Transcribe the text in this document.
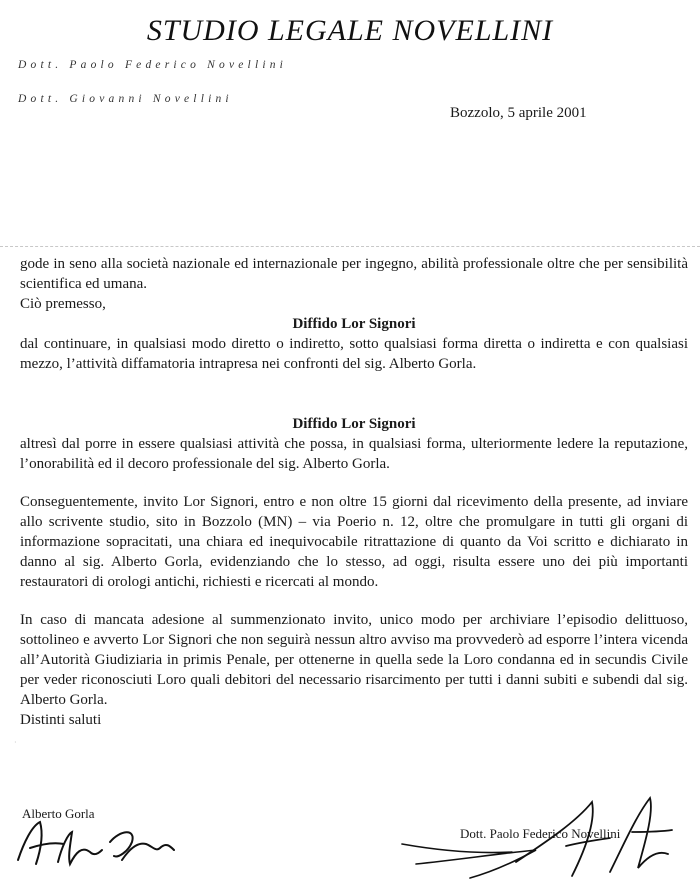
STUDIO LEGALE NOVELLINI
Dott. Paolo Federico Novellini
Dott. Giovanni Novellini
Bozzolo, 5 aprile 2001

gode in seno alla società nazionale ed internazionale per ingegno, abilità professionale oltre che per sensibilità scientifica ed umana.

Ciò premesso,

Diffido Lor Signori

dal continuare, in qualsiasi modo diretto o indiretto, sotto qualsiasi forma diretta o indiretta e con qualsiasi mezzo, l’attività diffamatoria intrapresa nei confronti del sig. Alberto Gorla.

Diffido Lor Signori

altresì dal porre in essere qualsiasi attività che possa, in qualsiasi forma, ulteriormente ledere la reputazione, l’onorabilità ed il decoro professionale del sig. Alberto Gorla.

Conseguentemente, invito Lor Signori, entro e non oltre 15 giorni dal ricevimento della presente, ad inviare allo scrivente studio, sito in Bozzolo (MN) – via Poerio n. 12, oltre che promulgare in tutti gli organi di informazione sopracitati, una chiara ed inequivocabile ritrattazione di quanto da Voi scritto e dichiarato in danno al sig. Alberto Gorla, evidenziando che lo stesso, ad oggi, risulta essere uno dei più importanti restauratori di orologi antichi, richiesti e ricercati al mondo.

In caso di mancata adesione al summenzionato invito, unico modo per archiviare l’episodio delittuoso, sottolineo e avverto Lor Signori che non seguirà nessun altro avviso ma provvederò ad esporre l’intera vicenda all’Autorità Giudiziaria in primis Penale, per ottenerne in quella sede la Loro condanna ed in secundis Civile per veder riconosciuti Loro quali debitori del necessario risarcimento per tutti i danni subiti e subendi dal sig. Alberto Gorla.

Distinti saluti

·
Alberto Gorla
Dott. Paolo Federico Novellini
